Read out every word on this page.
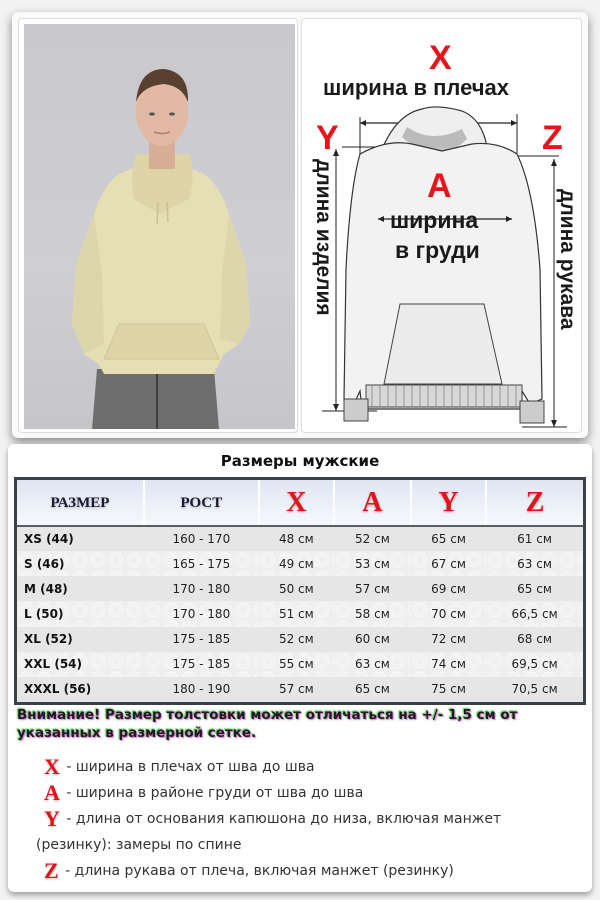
X
ширина в плечах
Y	Z
A
ширина
в груди
длина изделия	длина рукава
Размеры мужские
РАЗМЕР	РОСТ	X	A	Y	Z
XS (44)	160 - 170	48 см	52 см	65 см	61 см
S (46)	165 - 175	49 см	53 см	67 см	63 см
M (48)	170 - 180	50 см	57 см	69 см	65 см
L (50)	170 - 180	51 см	58 см	70 см	66,5 см
XL (52)	175 - 185	52 см	60 см	72 см	68 см
XXL (54)	175 - 185	55 см	63 см	74 см	69,5 см
XXXL (56)	180 - 190	57 см	65 см	75 см	70,5 см
Внимание! Размер толстовки может отличаться на +/- 1,5 см от указанных в размерной сетке.
X - ширина в плечах от шва до шва
A - ширина в районе груди от шва до шва
Y - длина от основания капюшона до низа, включая манжет
(резинку): замеры по спине
Z - длина рукава от плеча, включая манжет (резинку)
